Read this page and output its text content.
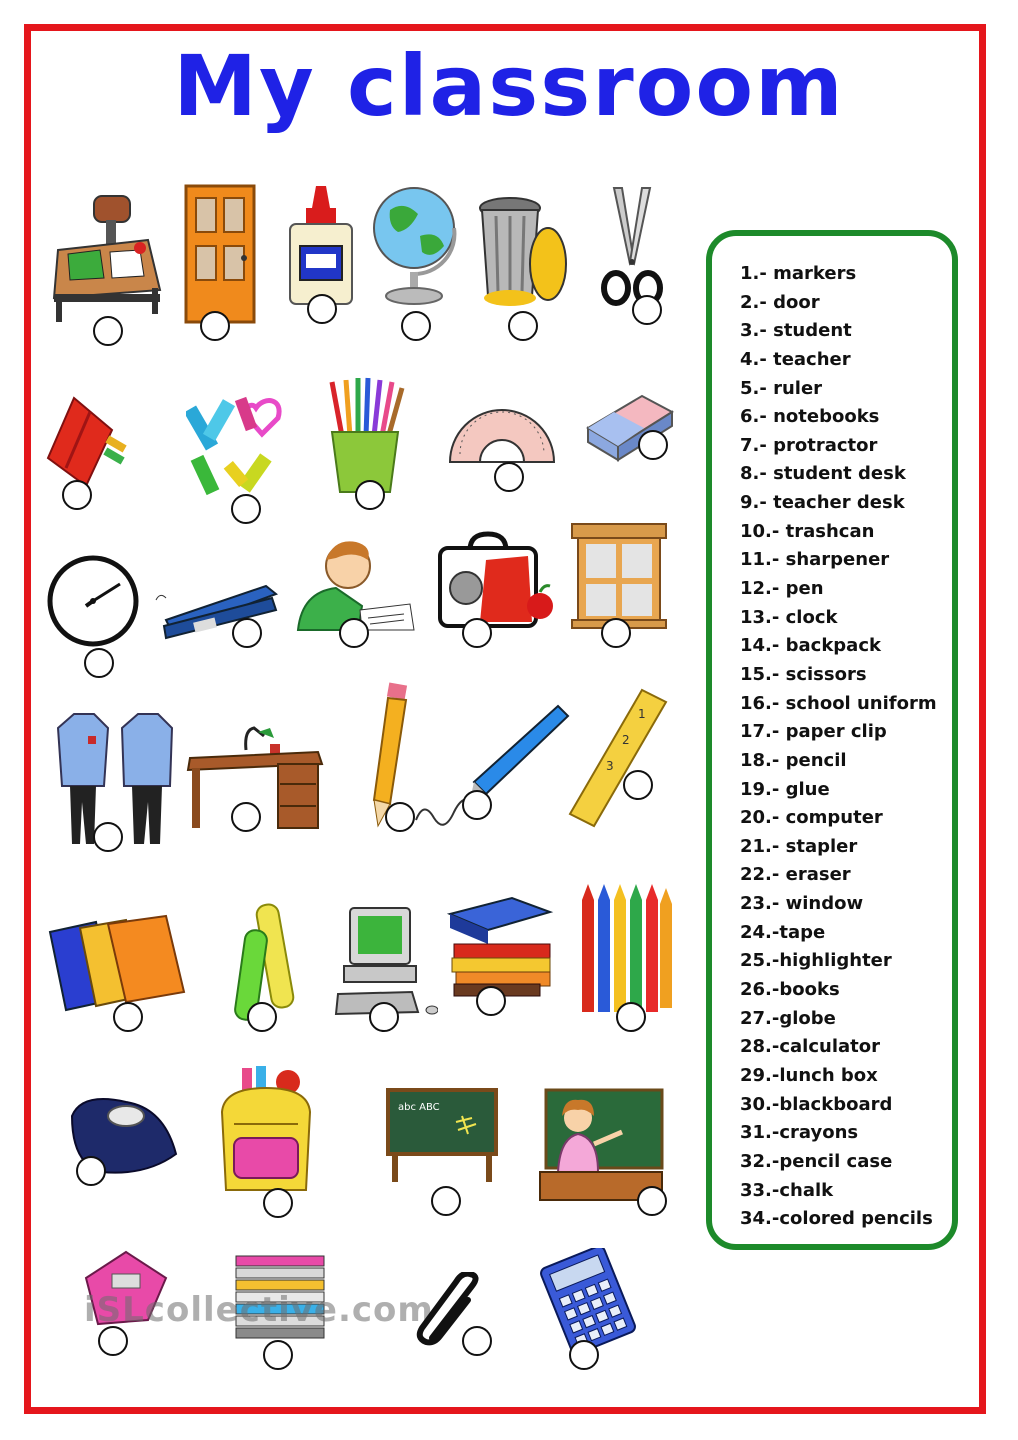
My classroom
1
2
3
abc ABC
iSLcollective.com
1.- markers
2.- door
3.- student
4.- teacher
5.- ruler
6.- notebooks
7.- protractor
8.- student desk
9.- teacher desk
10.- trashcan
11.- sharpener
12.- pen
13.- clock
14.- backpack
15.- scissors
16.- school uniform
17.- paper clip
18.- pencil
19.- glue
20.- computer
21.- stapler
22.- eraser
23.- window
24.-tape
25.-highlighter
26.-books
27.-globe
28.-calculator
29.-lunch box
30.-blackboard
31.-crayons
32.-pencil case
33.-chalk
34.-colored pencils
